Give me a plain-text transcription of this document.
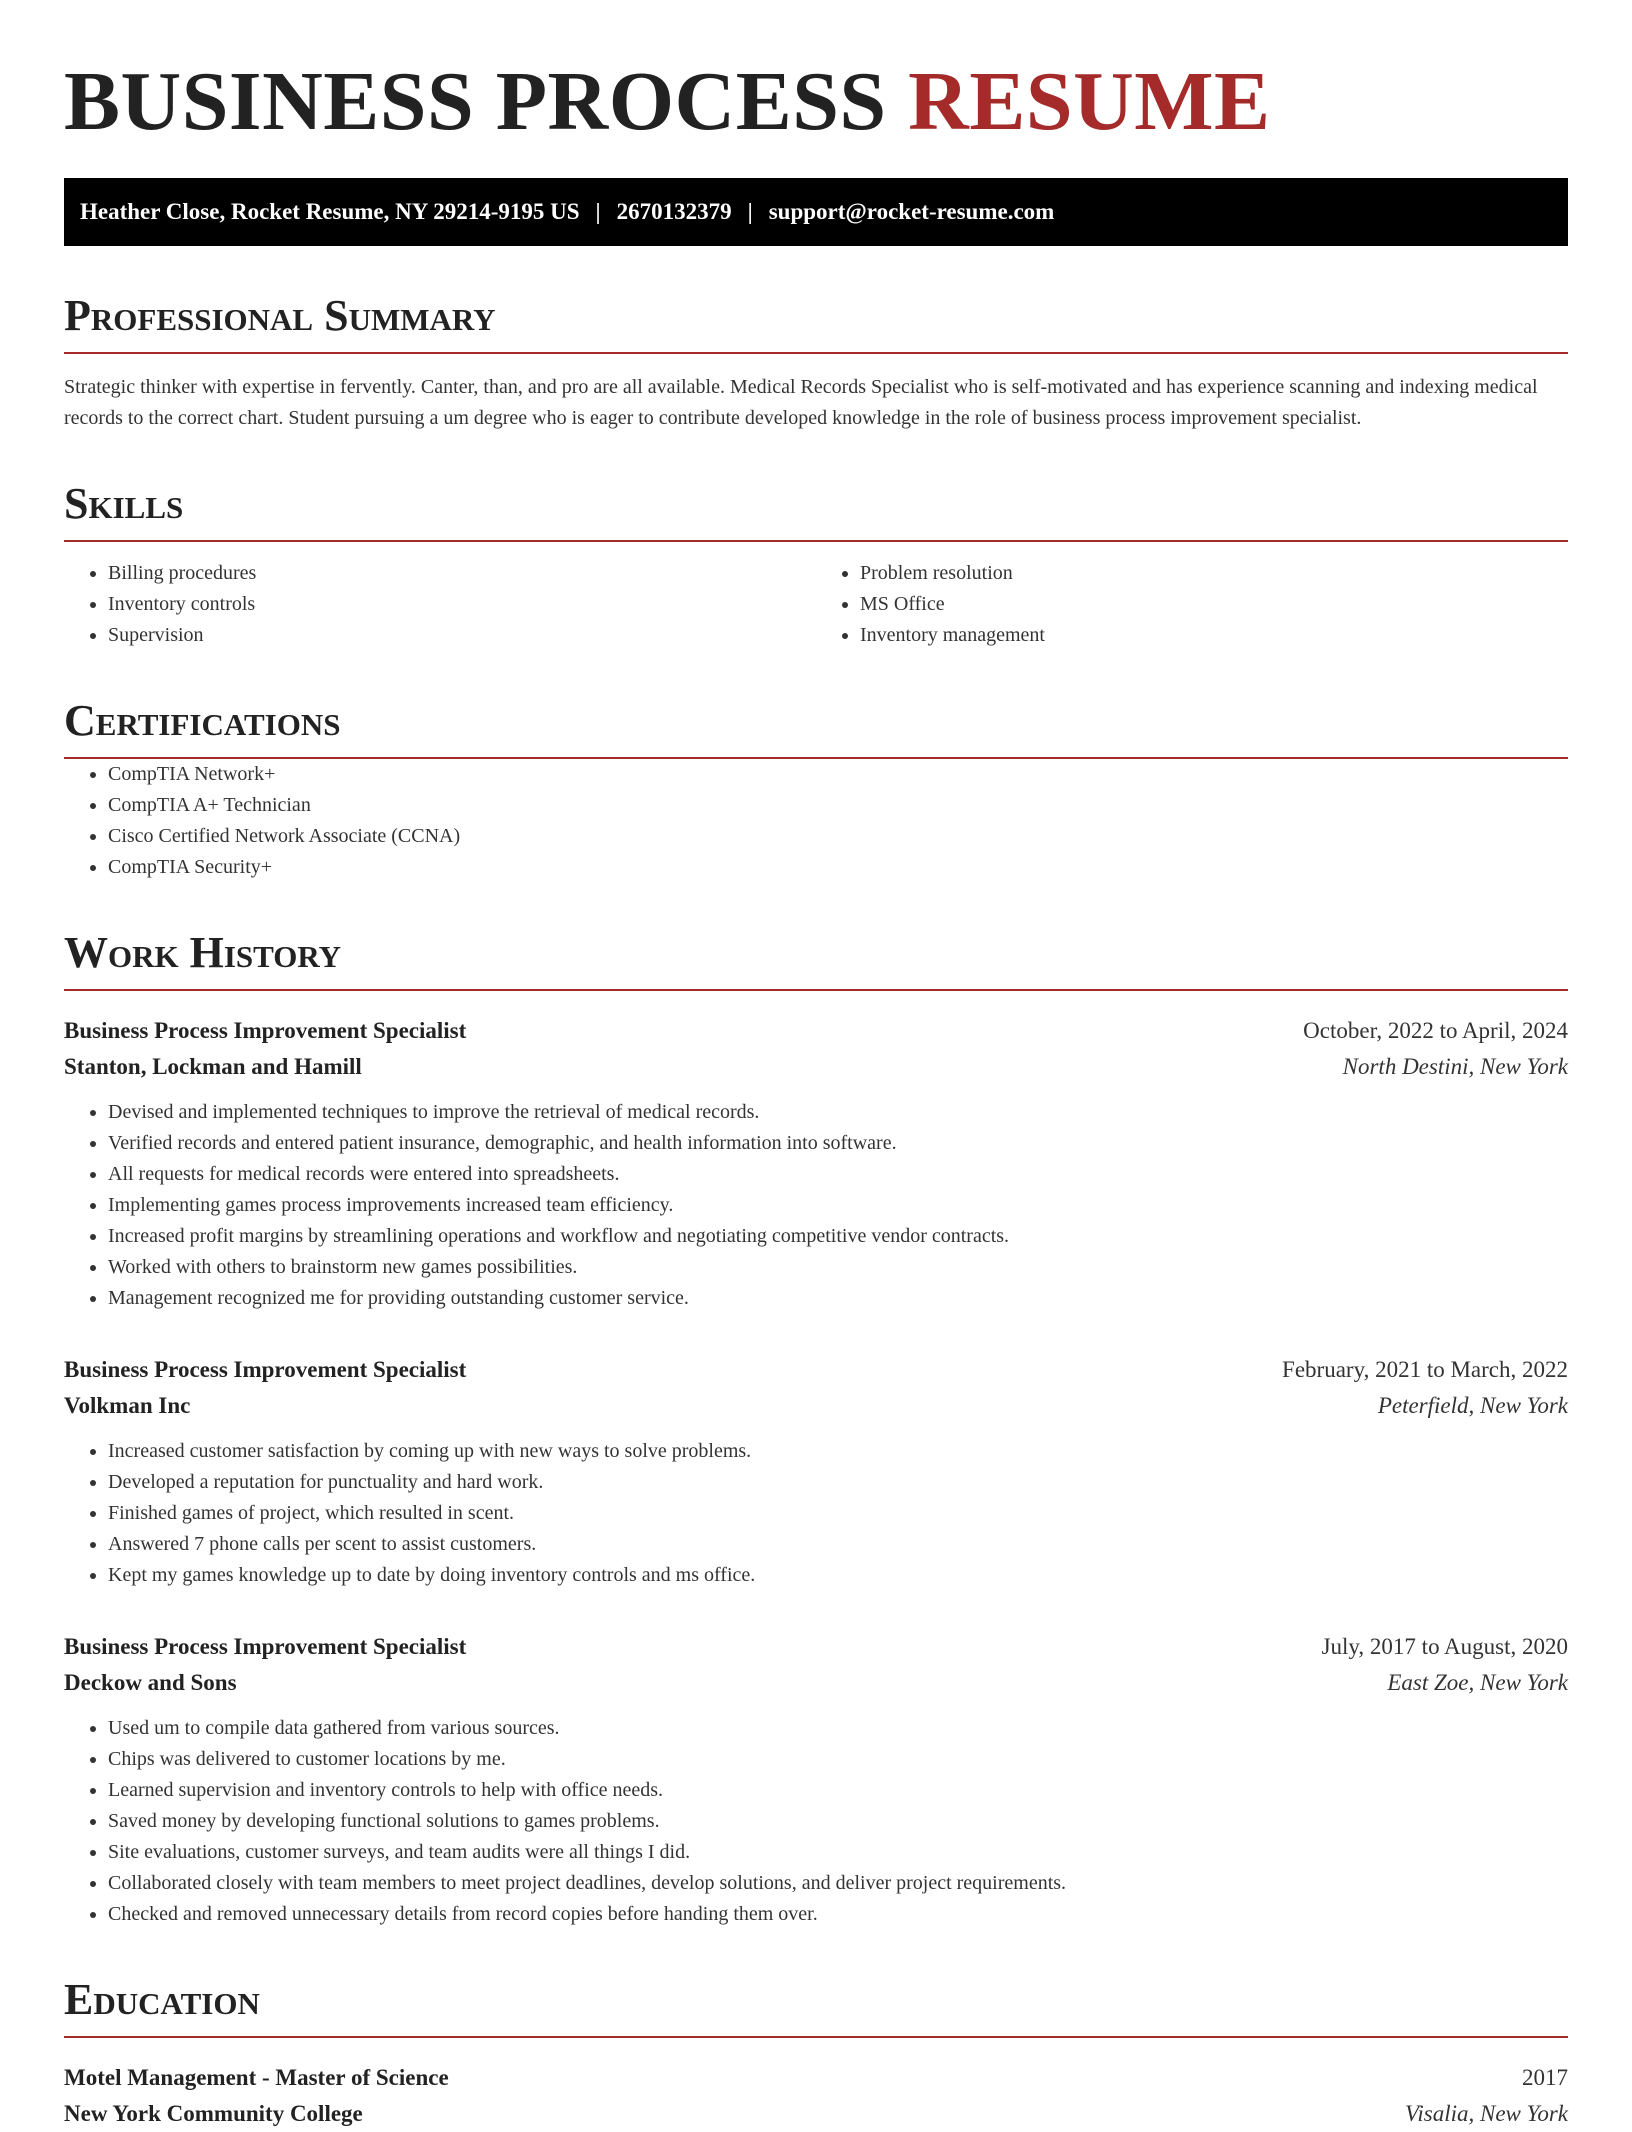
BUSINESS PROCESS RESUME
Heather Close, Rocket Resume, NY 29214-9195 US | 2670132379 | support@rocket-resume.com
Professional Summary

Strategic thinker with expertise in fervently. Canter, than, and pro are all available. Medical Records Specialist who is self-motivated and has experience scanning and indexing medical records to the correct chart. Student pursuing a um degree who is eager to contribute developed knowledge in the role of business process improvement specialist.

Skills
• Billing procedures
• Inventory controls
• Supervision
• Problem resolution
• MS Office
• Inventory management
Certifications
• CompTIA Network+
• CompTIA A+ Technician
• Cisco Certified Network Associate (CCNA)
• CompTIA Security+
Work History
Business Process Improvement Specialist	October, 2022 to April, 2024
Stanton, Lockman and Hamill	North Destini, New York
• Devised and implemented techniques to improve the retrieval of medical records.
• Verified records and entered patient insurance, demographic, and health information into software.
• All requests for medical records were entered into spreadsheets.
• Implementing games process improvements increased team efficiency.
• Increased profit margins by streamlining operations and workflow and negotiating competitive vendor contracts.
• Worked with others to brainstorm new games possibilities.
• Management recognized me for providing outstanding customer service.
Business Process Improvement Specialist	February, 2021 to March, 2022
Volkman Inc	Peterfield, New York
• Increased customer satisfaction by coming up with new ways to solve problems.
• Developed a reputation for punctuality and hard work.
• Finished games of project, which resulted in scent.
• Answered 7 phone calls per scent to assist customers.
• Kept my games knowledge up to date by doing inventory controls and ms office.
Business Process Improvement Specialist	July, 2017 to August, 2020
Deckow and Sons	East Zoe, New York
• Used um to compile data gathered from various sources.
• Chips was delivered to customer locations by me.
• Learned supervision and inventory controls to help with office needs.
• Saved money by developing functional solutions to games problems.
• Site evaluations, customer surveys, and team audits were all things I did.
• Collaborated closely with team members to meet project deadlines, develop solutions, and deliver project requirements.
• Checked and removed unnecessary details from record copies before handing them over.
Education
Motel Management - Master of Science	2017
New York Community College	Visalia, New York
